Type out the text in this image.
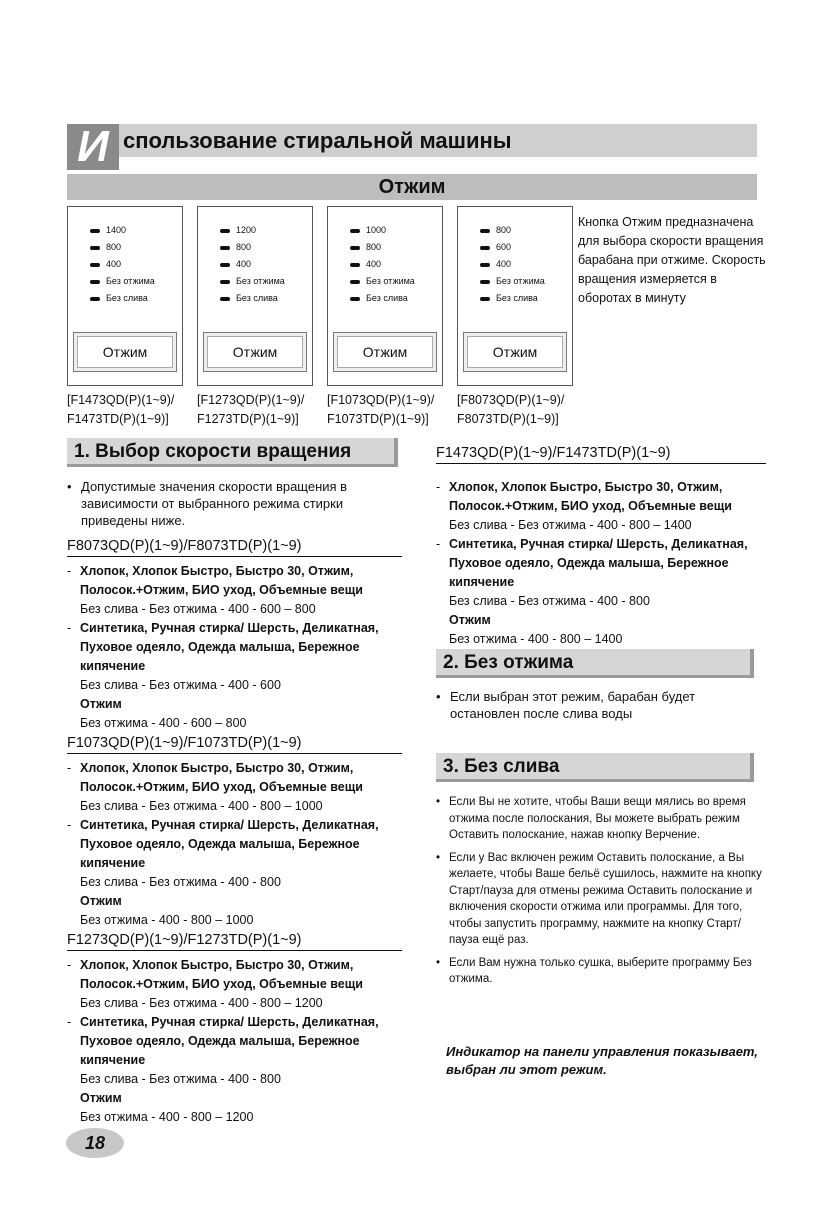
И спользование стиральной машины
Отжим
1400
800
400
Без отжима
Без слива
Отжим
1200
800
400
Без отжима
Без слива
Отжим
1000
800
400
Без отжима
Без слива
Отжим
800
600
400
Без отжима
Без слива
Отжим
[F1473QD(P)(1~9)/
F1473TD(P)(1~9)]
[F1273QD(P)(1~9)/
F1273TD(P)(1~9)]
[F1073QD(P)(1~9)/
F1073TD(P)(1~9)]
[F8073QD(P)(1~9)/
F8073TD(P)(1~9)]
Кнопка Отжим предназначена для выбора скорости вращения барабана при отжиме. Скорость вращения измеряется в оборотах в минуту
1. Выбор скорости вращения
• Допустимые значения скорости вращения в зависимости от выбранного режима стирки приведены ниже.
F8073QD(P)(1~9)/F8073TD(P)(1~9)
- Хлопок, Хлопок Быстро, Быстро 30, Отжим, Полосок.+Отжим, БИО уход, Объемные вещи
Без слива - Без отжима - 400 - 600 – 800
- Синтетика, Ручная стирка/ Шерсть, Деликатная, Пуховое одеяло, Одежда малыша, Бережное кипячение
Без слива - Без отжима - 400 - 600
Отжим
Без отжима - 400 - 600 – 800
F1073QD(P)(1~9)/F1073TD(P)(1~9)
- Хлопок, Хлопок Быстро, Быстро 30, Отжим, Полосок.+Отжим, БИО уход, Объемные вещи
Без слива - Без отжима - 400 - 800 – 1000
- Синтетика, Ручная стирка/ Шерсть, Деликатная, Пуховое одеяло, Одежда малыша, Бережное кипячение
Без слива - Без отжима - 400 - 800
Отжим
Без отжима - 400 - 800 – 1000
F1273QD(P)(1~9)/F1273TD(P)(1~9)
- Хлопок, Хлопок Быстро, Быстро 30, Отжим, Полосок.+Отжим, БИО уход, Объемные вещи
Без слива - Без отжима - 400 - 800 – 1200
- Синтетика, Ручная стирка/ Шерсть, Деликатная, Пуховое одеяло, Одежда малыша, Бережное кипячение
Без слива - Без отжима - 400 - 800
Отжим
Без отжима - 400 - 800 – 1200
F1473QD(P)(1~9)/F1473TD(P)(1~9)
- Хлопок, Хлопок Быстро, Быстро 30, Отжим, Полосок.+Отжим, БИО уход, Объемные вещи
Без слива - Без отжима - 400 - 800 – 1400
- Синтетика, Ручная стирка/ Шерсть, Деликатная, Пуховое одеяло, Одежда малыша, Бережное кипячение
Без слива - Без отжима - 400 - 800
Отжим
Без отжима - 400 - 800 – 1400
2. Без отжима
• Если выбран этот режим, барабан будет остановлен после слива воды
3. Без слива
• Если Вы не хотите, чтобы Ваши вещи мялись во время отжима после полоскания, Вы можете выбрать режим Оставить полоскание, нажав кнопку Верчение.
• Если у Вас включен режим Оставить полоскание, а Вы желаете, чтобы Ваше бельё сушилось, нажмите на кнопку Старт/пауза для отмены режима Оставить полоскание и включения скорости отжима или программы. Для того, чтобы запустить программу, нажмите на кнопку Старт/пауза ещё раз.
• Если Вам нужна только сушка, выберите программу Без отжима.
Индикатор на панели управления показывает, выбран ли этот режим.
18
